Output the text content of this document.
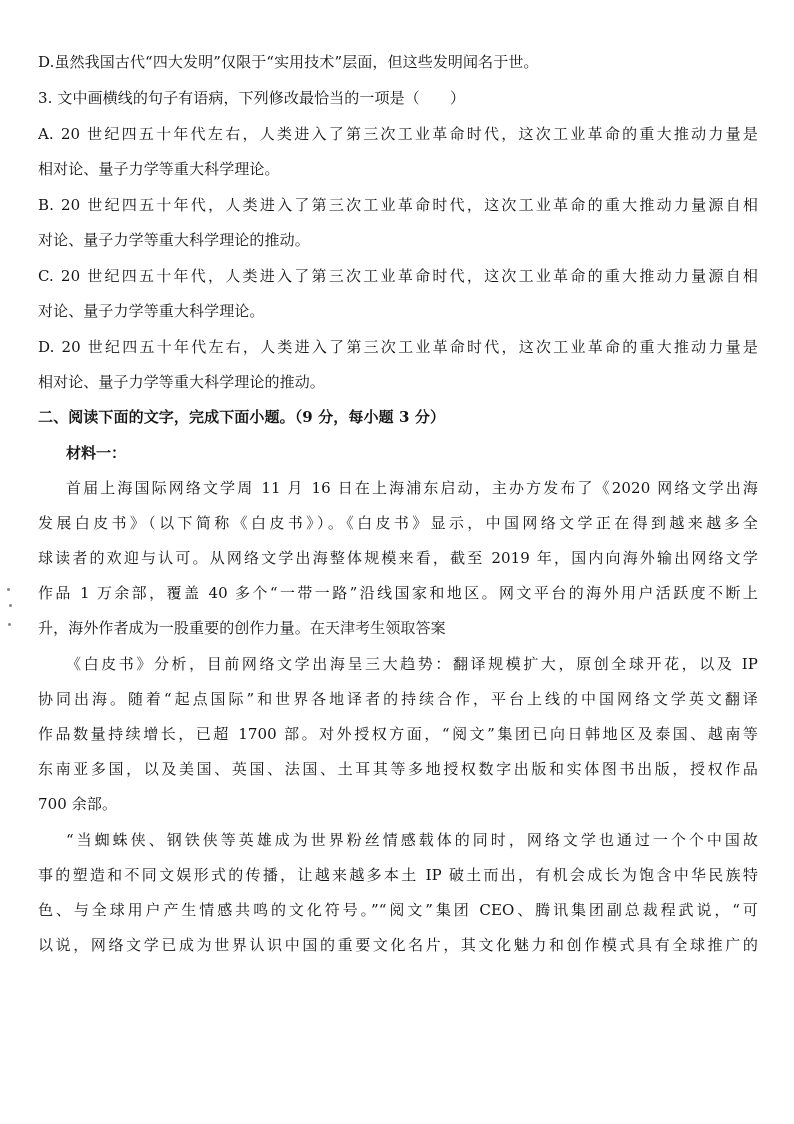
D.虽然我国古代“四大发明”仅限于“实用技术”层面，但这些发明闻名于世。
3. 文中画横线的句子有语病，下列修改最恰当的一项是（　　）
A. 20 世纪四五十年代左右，人类进入了第三次工业革命时代，这次工业革命的重大推动力量是
相对论、量子力学等重大科学理论。
B. 20 世纪四五十年代，人类进入了第三次工业革命时代，这次工业革命的重大推动力量源自相
对论、量子力学等重大科学理论的推动。
C. 20 世纪四五十年代，人类进入了第三次工业革命时代，这次工业革命的重大推动力量源自相
对论、量子力学等重大科学理论。
D. 20 世纪四五十年代左右，人类进入了第三次工业革命时代，这次工业革命的重大推动力量是
相对论、量子力学等重大科学理论的推动。
二、阅读下面的文字，完成下面小题。（9 分，每小题 3 分）
材料一：
首届上海国际网络文学周 11 月 16 日在上海浦东启动，主办方发布了《2020 网络文学出海
发展白皮书》（以下简称《白皮书》）。《白皮书》显示，中国网络文学正在得到越来越多全
球读者的欢迎与认可。从网络文学出海整体规模来看，截至 2019 年，国内向海外输出网络文学
作品 1 万余部，覆盖 40 多个“一带一路”沿线国家和地区。网文平台的海外用户活跃度不断上
升，海外作者成为一股重要的创作力量。在天津考生领取答案
《白皮书》分析，目前网络文学出海呈三大趋势：翻译规模扩大，原创全球开花，以及 IP
协同出海。随着“起点国际”和世界各地译者的持续合作，平台上线的中国网络文学英文翻译
作品数量持续增长，已超 1700 部。对外授权方面，“阅文”集团已向日韩地区及泰国、越南等
东南亚多国，以及美国、英国、法国、土耳其等多地授权数字出版和实体图书出版，授权作品
700 余部。
“当蜘蛛侠、钢铁侠等英雄成为世界粉丝情感载体的同时，网络文学也通过一个个中国故
事的塑造和不同文娱形式的传播，让越来越多本土 IP 破土而出，有机会成长为饱含中华民族特
色、与全球用户产生情感共鸣的文化符号。”“阅文”集团 CEO、腾讯集团副总裁程武说，“可
以说，网络文学已成为世界认识中国的重要文化名片，其文化魅力和创作模式具有全球推广的
